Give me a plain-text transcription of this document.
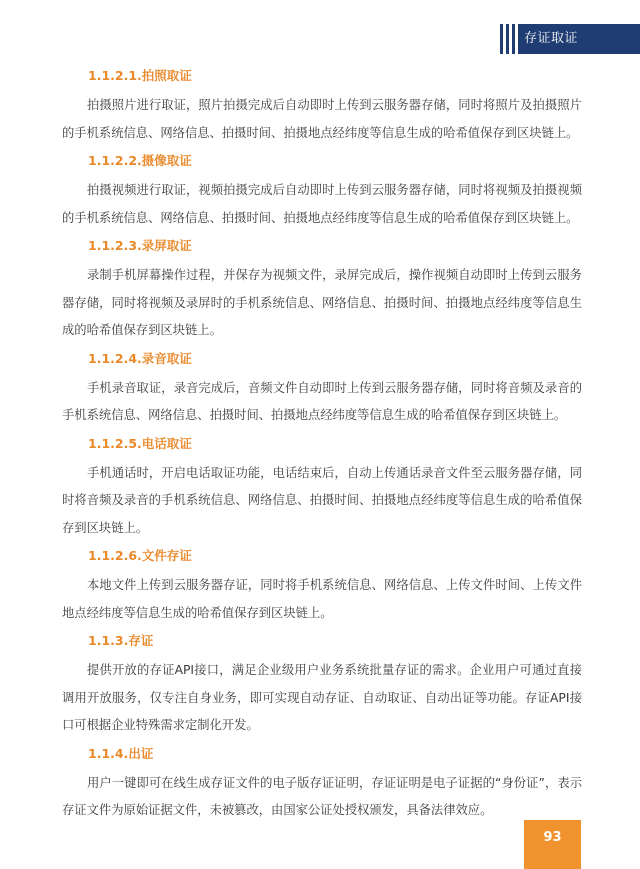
存证取证
1.1.2.1.拍照取证

拍摄照片进行取证，照片拍摄完成后自动即时上传到云服务器存储，同时将照片及拍摄照片的手机系统信息、网络信息、拍摄时间、拍摄地点经纬度等信息生成的哈希值保存到区块链上。

1.1.2.2.摄像取证

拍摄视频进行取证，视频拍摄完成后自动即时上传到云服务器存储，同时将视频及拍摄视频的手机系统信息、网络信息、拍摄时间、拍摄地点经纬度等信息生成的哈希值保存到区块链上。

1.1.2.3.录屏取证

录制手机屏幕操作过程，并保存为视频文件，录屏完成后，操作视频自动即时上传到云服务器存储，同时将视频及录屏时的手机系统信息、网络信息、拍摄时间、拍摄地点经纬度等信息生成的哈希值保存到区块链上。

1.1.2.4.录音取证

手机录音取证，录音完成后，音频文件自动即时上传到云服务器存储，同时将音频及录音的手机系统信息、网络信息、拍摄时间、拍摄地点经纬度等信息生成的哈希值保存到区块链上。

1.1.2.5.电话取证

手机通话时，开启电话取证功能，电话结束后，自动上传通话录音文件至云服务器存储，同时将音频及录音的手机系统信息、网络信息、拍摄时间、拍摄地点经纬度等信息生成的哈希值保存到区块链上。

1.1.2.6.文件存证

本地文件上传到云服务器存证，同时将手机系统信息、网络信息、上传文件时间、上传文件地点经纬度等信息生成的哈希值保存到区块链上。

1.1.3.存证

提供开放的存证API接口，满足企业级用户业务系统批量存证的需求。企业用户可通过直接调用开放服务，仅专注自身业务，即可实现自动存证、自动取证、自动出证等功能。存证API接口可根据企业特殊需求定制化开发。

1.1.4.出证

用户一键即可在线生成存证文件的电子版存证证明，存证证明是电子证据的“身份证”，表示存证文件为原始证据文件，未被篡改，由国家公证处授权颁发，具备法律效应。

93
